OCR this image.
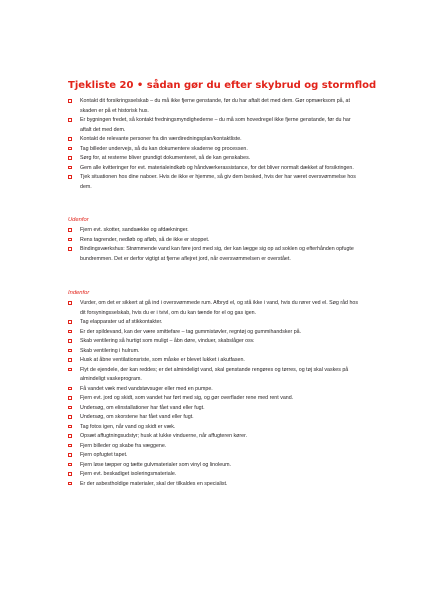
Tjekliste 20 • sådan gør du efter skybrud og stormflod
Kontakt dit forsikringsselskab – du må ikke fjerne genstande, før du har aftalt det med dem. Gør opmærksom på, at skaden er på et historisk hus.
Er bygningen fredet, så kontakt fredningsmyndighederne – du må som hovedregel ikke fjerne genstande, før du har aftalt det med dem.
Kontakt de relevante personer fra din værdiredningsplan/kontaktliste.
Tag billeder undervejs, så du kan dokumentere skaderne og processen.
Sørg for, at resterne bliver grundigt dokumenteret, så de kan genskabes.
Gem alle kvitteringer for evt. materialeindkøb og håndværkerassistance, for det bliver normalt dækket af forsikringen.
Tjek situationen hos dine naboer. Hvis de ikke er hjemme, så giv dem besked, hvis der har været oversvømmelse hos dem.
Udenfor
Fjern evt. skotter, sandsække og afdækninger.
Rens tagrender, nedløb og afløb, så de ikke er stoppet.
Bindingsværkshus: Strømmende vand kan føre jord med sig, der kan lægge sig op ad soklen og efterhånden opfugte bundremmen. Det er derfor vigtigt at fjerne aflejret jord, når oversvømmelsen er overstået.
Indenfor
Vurder, om det er sikkert at gå ind i oversvømmede rum. Afbryd el, og stå ikke i vand, hvis du rører ved el. Søg råd hos dit forsyningsselskab, hvis du er i tvivl, om du kan tænde for el og gas igen.
Tag elapparater ud af stikkontakter.
Er der spildevand, kan der være smittefare – tag gummistøvler, regntøj og gummihandsker på.
Skab ventilering så hurtigt som muligt – åbn døre, vinduer, skabslåger osv.
Skab ventilering i hulrum.
Husk at åbne ventilationsriste, som måske er blevet lukket i akutfasen.
Flyt de ejendele, der kan reddes; er det almindeligt vand, skal genstande rengøres og tørres, og tøj skal vaskes på almindeligt vaskeprogram.
Få vandet væk med vandstøvsuger eller med en pumpe.
Fjern evt. jord og skidt, som vandet har ført med sig, og gør overflader rene med rent vand.
Undersøg, om elinstallationer har fået vand eller fugt.
Undersøg, om skorstene har fået vand eller fugt.
Tag fotos igen, når vand og skidt er væk.
Opsæt affugtningsudstyr; husk at lukke vinduerne, når affugteren kører.
Fjern billeder og skabe fra væggene.
Fjern opfugtet tapet.
Fjern løse tæpper og tætte gulvmaterialer som vinyl og linoleum.
Fjern evt. beskadiget isoleringsmateriale.
Er der asbestholdige materialer, skal der tilkaldes en specialist.
